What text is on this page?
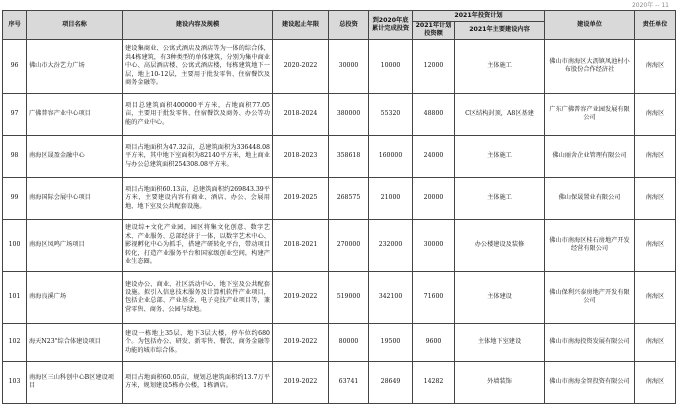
2020年 -- 11
序号	项目名称	建设内容及规模	建设起止年限	总投资	到2020年底累计完成投资	2021年投资计划		建设单位	责任单位
						2021年计划投资额	2021年主要建设内容		
96	佛山市大汾艺力广场	建设集商业、公寓式酒店及酒店等为一体的综合体，共4栋建筑，有3种类型的单体建筑，分别为集中商业中心、高层酒店楼、公寓式酒店楼，每栋建筑地下一层，地上10-12层，主要用于批发零售、住宿餐饮及商务金融等。	2020-2022	30000	10000	12000	主体施工	佛山市南海区大沥镇凤池村小布股份合作经济社	南海区
97	广佛普容产业中心项目	项目总建筑面积400000平方米，占地面积77.05亩，主要用于批发零售、住宿餐饮及商务、办公等功能的产业中心。	2018-2024	380000	55320	48800	C区结构封顶，A8区基建	广东广佛普容产业园发展有限公司	南海区
98	南海区晟盈金融中心	项目占地面积为47.32亩，总建筑面积为336448.08平方米，其中地下室面积为82140平方米，地上商业与办公总建筑面积254308.08平方米。	2018-2023	358618	160000	24000	主体施工	佛山丽舍企业管理有限公司	南海区
99	南海国际会展中心项目	项目占地面积60.13亩，总建筑面积约269843.39平方米，主要建设内容有商业、酒店、办公、会展用地、地下室及公共配套设施。	2019-2025	268575	21000	20000	主体施工	佛山保晟置业有限公司	南海区
100	南海区凤鸣广场项目	建设综+文化产业园，园区将集文化创意、数字艺术、产业服务、总部经济于一体，以数字艺术中心、影视孵化中心为抓手，搭建产研转化平台，带动项目转化，打造产业服务平台和国家级创业空间，构建产业生态圈。	2018-2021	270000	232000	30000	办公楼建设及装修	佛山市南海区桂石房地产开发经营有限公司	南海区
101	南海良溪广场	建设办公、商业、社区活动中心、地下室及公共配套设施。拟引入信息技术服务及计算机软件产业项目，包括企业总部、产业基金、电子竞技产业项目等，兼营零售、商务、公园与绿地。	2019-2022	519000	342100	71600	主体建设	佛山保利兴泰房地产开发有限公司	南海区
102	海天N23"综合体建设项目	建设一栋地上35层、地下3层大楼，停车位约680个。为包括办公、研发、新零售、餐饮、商务金融等功能的城市综合体。	2019-2022	80000	19500	9600	主体地下室建设	佛山市南海投资发展有限公司	南海区
103	南海区三山科创中心B区建设项目	项目占地面积60.05亩，规划总建筑面积约13.7万平方米，规划建设5栋办公楼，1栋酒店。	2019-2022	63741	28649	14282	外墙装饰	佛山市南海金智投资有限公司	南海区
